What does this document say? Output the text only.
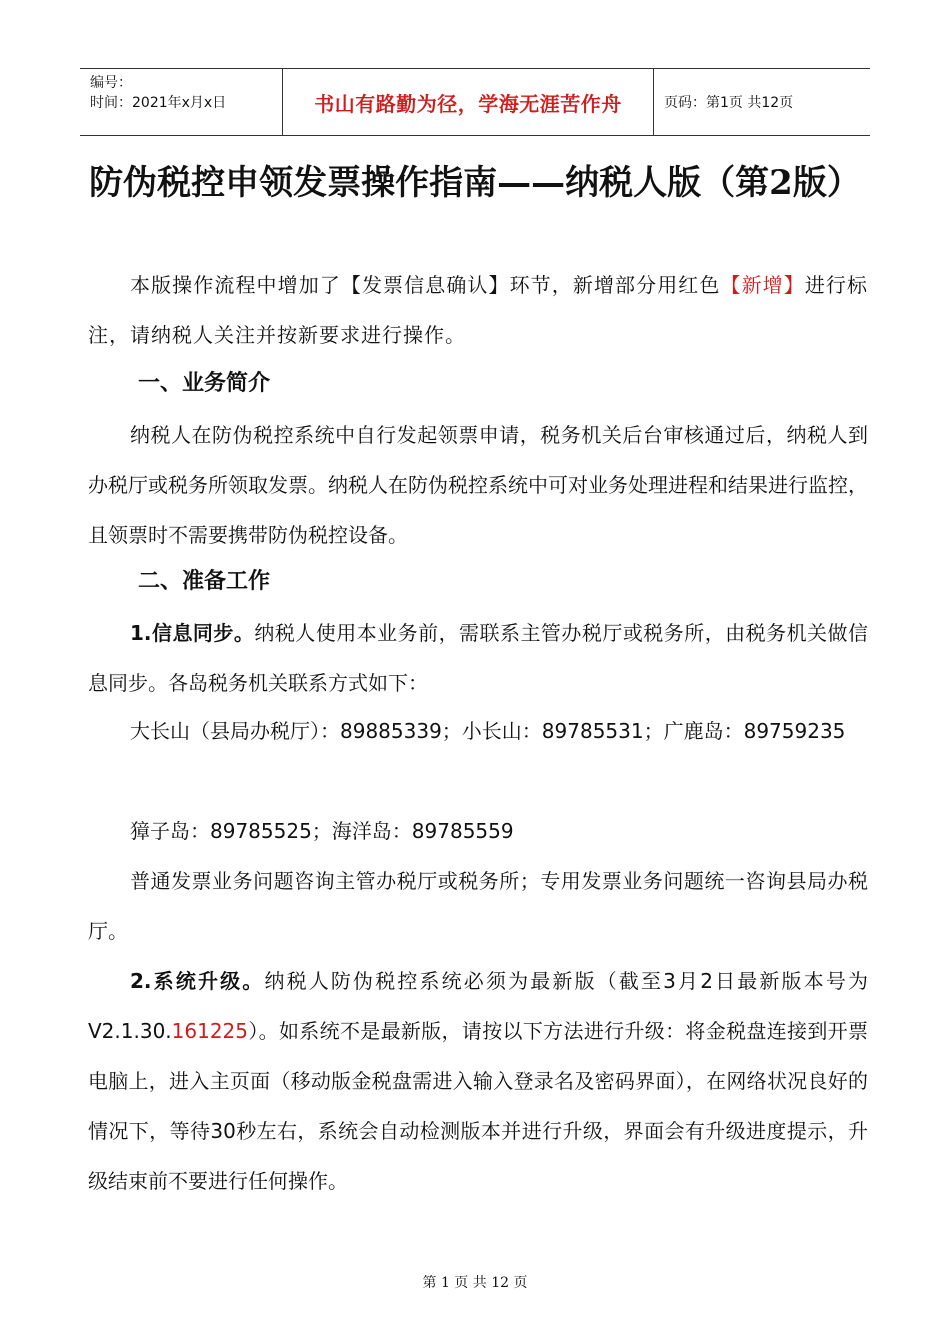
编号：
时间：2021年x月x日	书山有路勤为径，学海无涯苦作舟	页码：第1页 共12页
防伪税控申领发票操作指南——纳税人版（第2版）
本版操作流程中增加了【发票信息确认】环节，新增部分用红色【新增】进行标注，请纳税人关注并按新要求进行操作。
一、业务简介
纳税人在防伪税控系统中自行发起领票申请，税务机关后台审核通过后，纳税人到办税厅或税务所领取发票。纳税人在防伪税控系统中可对业务处理进程和结果进行监控，且领票时不需要携带防伪税控设备。
二、准备工作
1.信息同步。纳税人使用本业务前，需联系主管办税厅或税务所，由税务机关做信息同步。各岛税务机关联系方式如下：
大长山（县局办税厅）：89885339；小长山：89785531；广鹿岛：89759235
獐子岛：89785525；海洋岛：89785559
普通发票业务问题咨询主管办税厅或税务所；专用发票业务问题统一咨询县局办税厅。
2.系统升级。纳税人防伪税控系统必须为最新版（截至3月2日最新版本号为V2.1.30.161225）。如系统不是最新版，请按以下方法进行升级：将金税盘连接到开票电脑上，进入主页面（移动版金税盘需进入输入登录名及密码界面），在网络状况良好的情况下，等待30秒左右，系统会自动检测版本并进行升级，界面会有升级进度提示，升级结束前不要进行任何操作。
第 1 页 共 12 页
